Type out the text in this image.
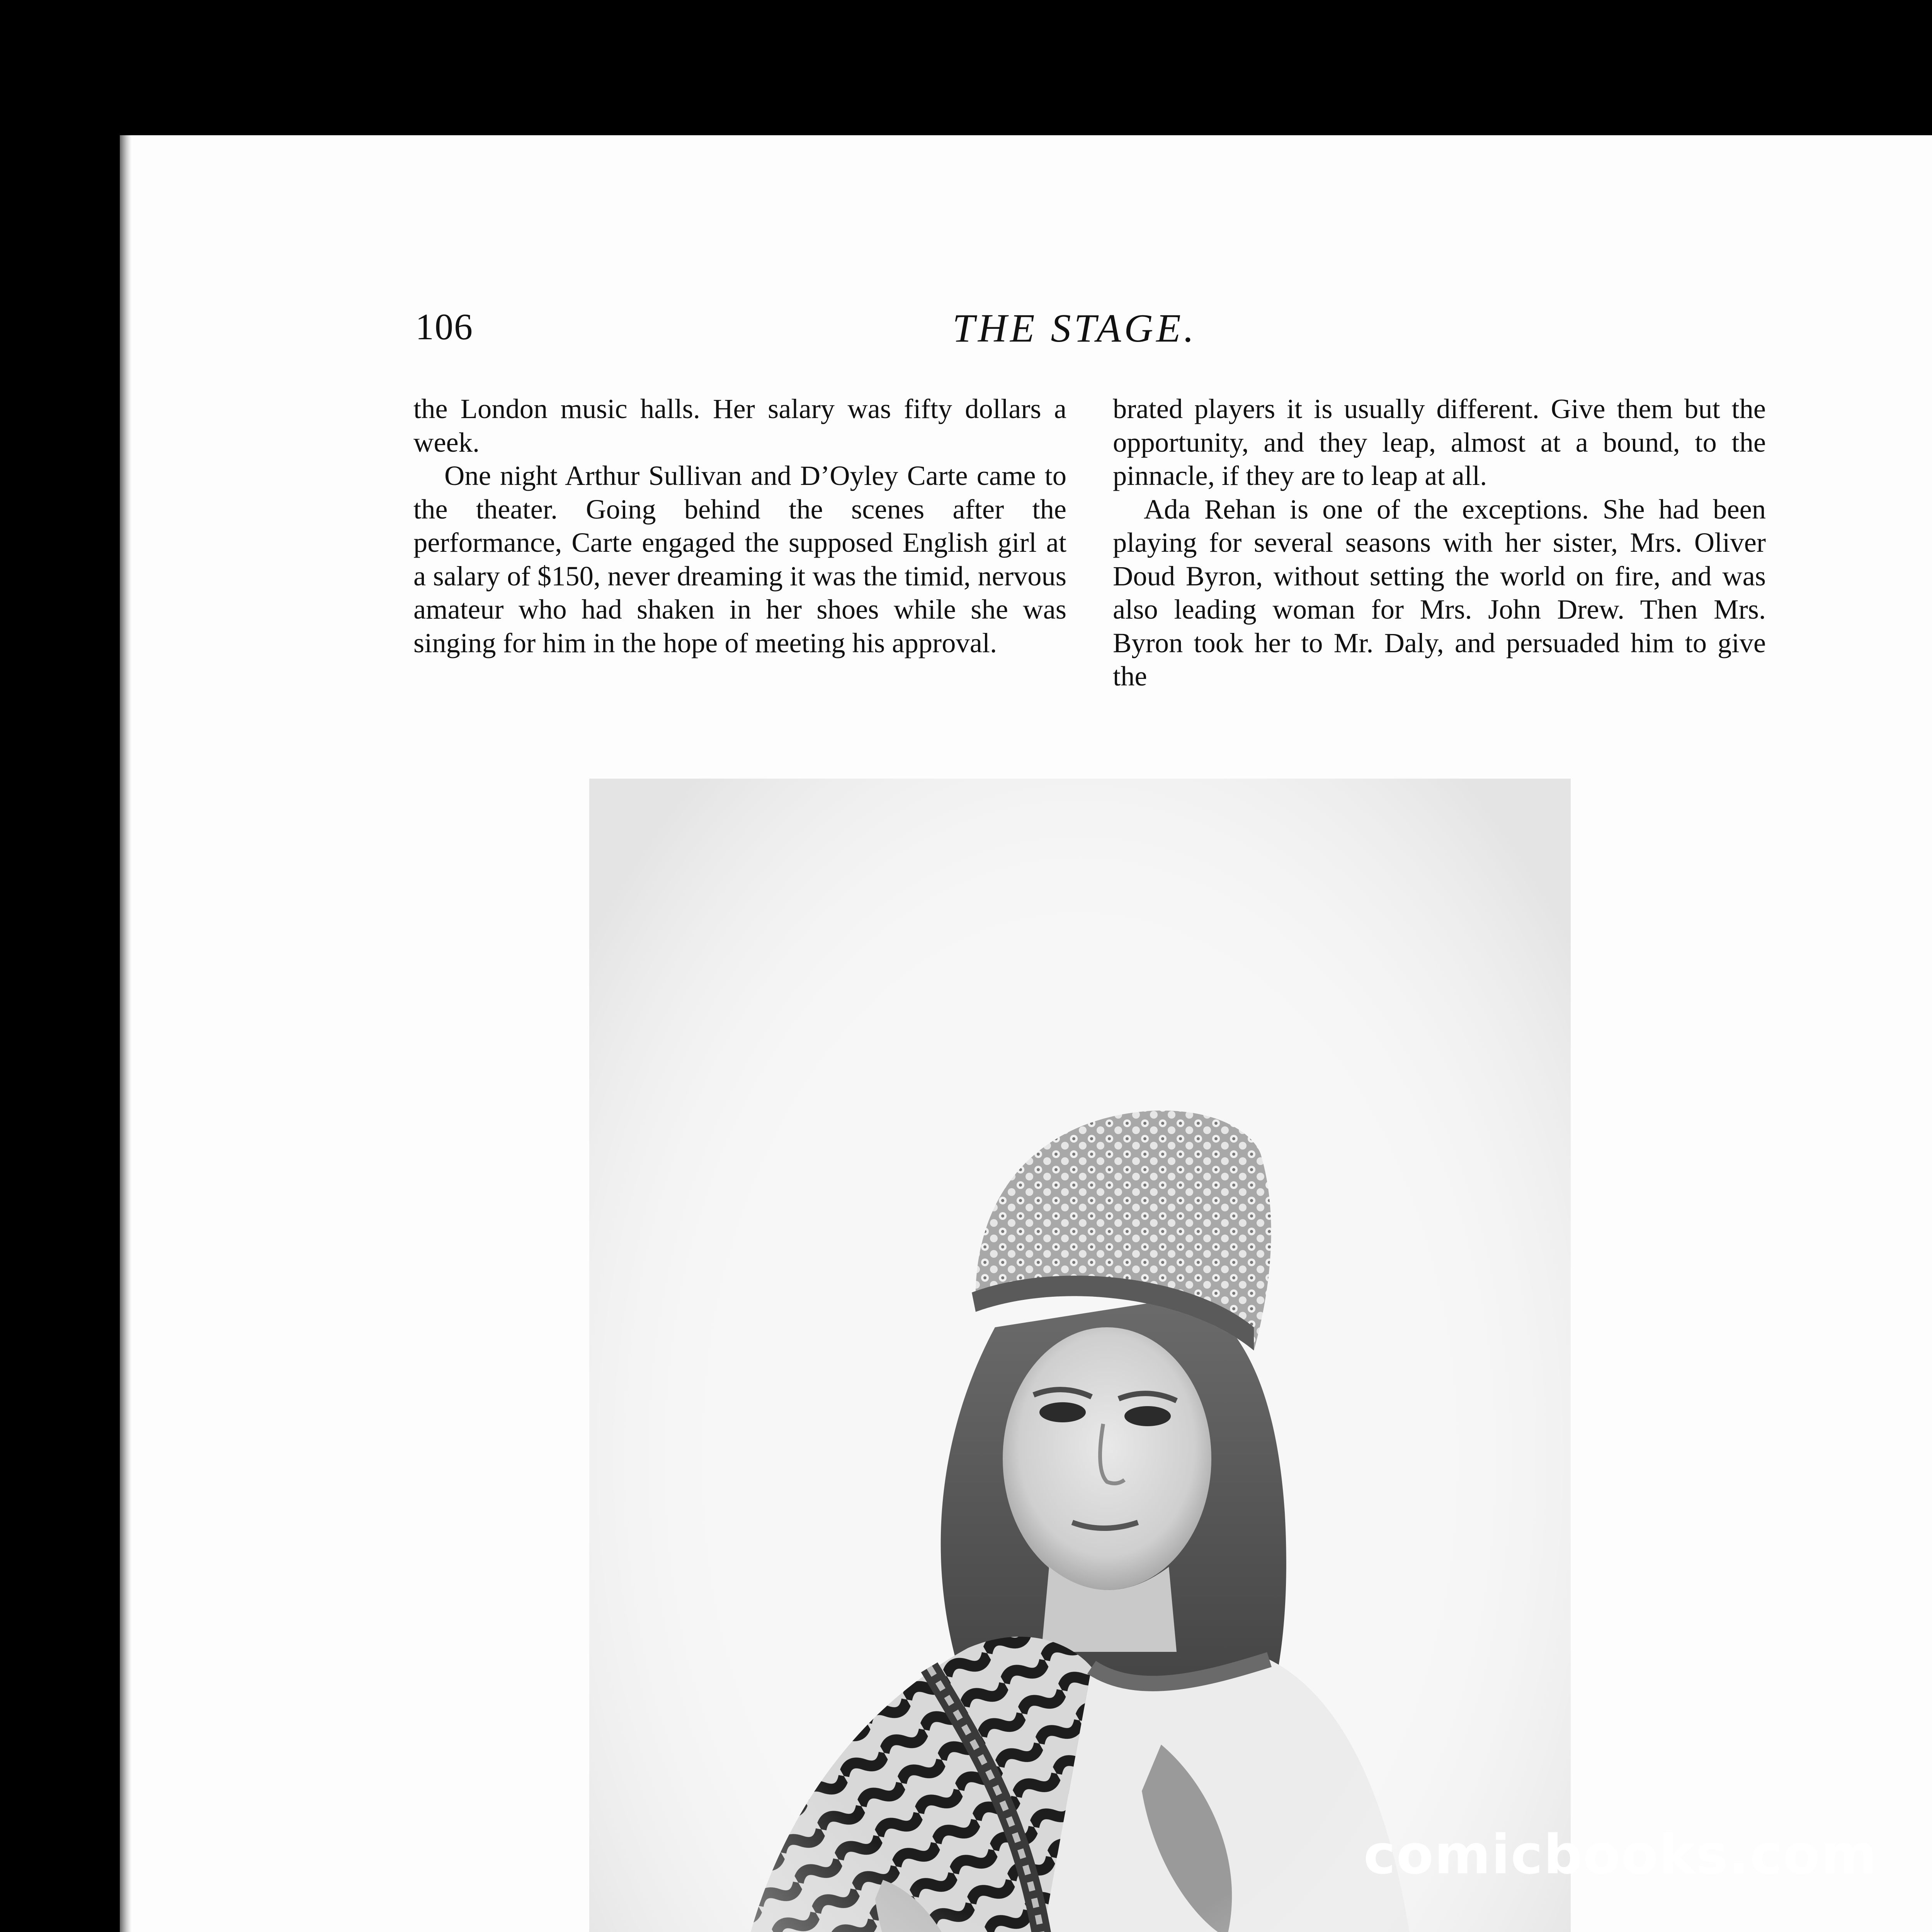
106	THE STAGE.

the London music halls. Her salary was fifty dollars a week.

One night Arthur Sullivan and D’Oyley Carte came to the theater. Going behind the scenes after the performance, Carte engaged the supposed English girl at a salary of $150, never dreaming it was the timid, nervous amateur who had shaken in her shoes while she was singing for him in the hope of meeting his approval.

brated players it is usually different. Give them but the opportunity, and they leap, almost at a bound, to the pinnacle, if they are to leap at all.

Ada Rehan is one of the exceptions. She had been playing for several seasons with her sister, Mrs. Oliver Doud Byron, without setting the world on fire, and was also leading woman for Mrs. John Drew. Then Mrs. Byron took her to Mr. Daly, and persuaded him to give the

comicbooks.com
